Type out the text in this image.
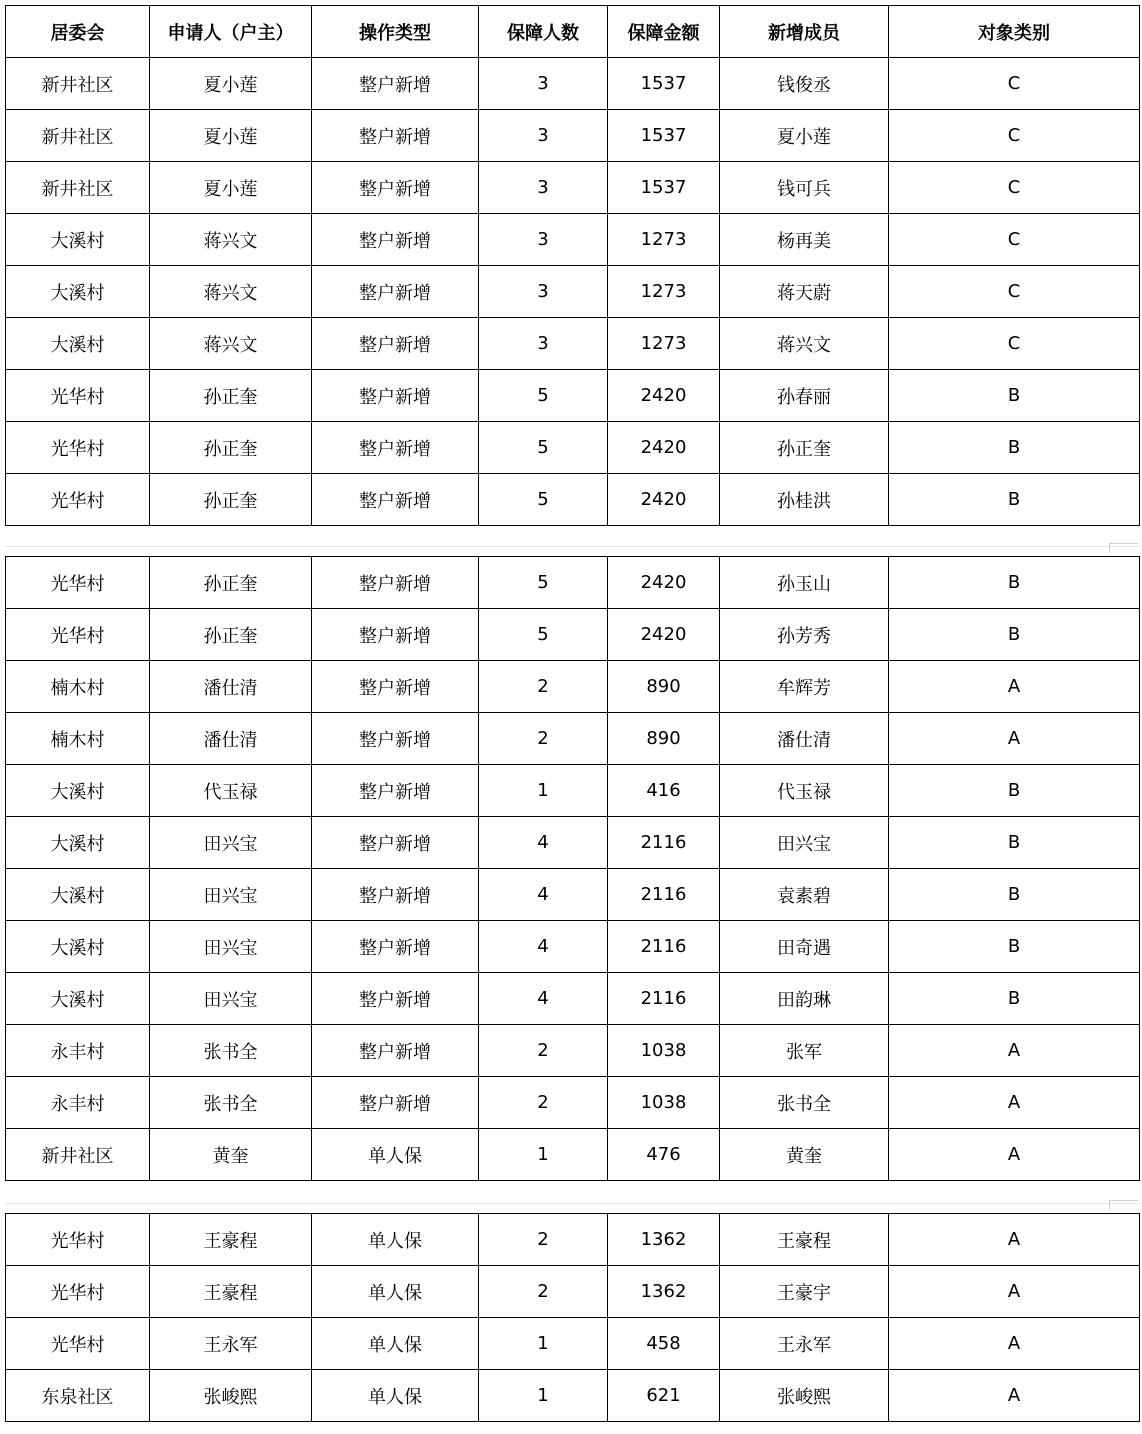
居委会	申请人（户主）	操作类型	保障人数	保障金额	新增成员	对象类别
新井社区	夏小莲	整户新增	3	1537	钱俊丞	C
新井社区	夏小莲	整户新增	3	1537	夏小莲	C
新井社区	夏小莲	整户新增	3	1537	钱可兵	C
大溪村	蒋兴文	整户新增	3	1273	杨再美	C
大溪村	蒋兴文	整户新增	3	1273	蒋天蔚	C
大溪村	蒋兴文	整户新增	3	1273	蒋兴文	C
光华村	孙正奎	整户新增	5	2420	孙春丽	B
光华村	孙正奎	整户新增	5	2420	孙正奎	B
光华村	孙正奎	整户新增	5	2420	孙桂洪	B
光华村	孙正奎	整户新增	5	2420	孙玉山	B
光华村	孙正奎	整户新增	5	2420	孙芳秀	B
楠木村	潘仕清	整户新增	2	890	牟辉芳	A
楠木村	潘仕清	整户新增	2	890	潘仕清	A
大溪村	代玉禄	整户新增	1	416	代玉禄	B
大溪村	田兴宝	整户新增	4	2116	田兴宝	B
大溪村	田兴宝	整户新增	4	2116	袁素碧	B
大溪村	田兴宝	整户新增	4	2116	田奇遇	B
大溪村	田兴宝	整户新增	4	2116	田韵琳	B
永丰村	张书全	整户新增	2	1038	张军	A
永丰村	张书全	整户新增	2	1038	张书全	A
新井社区	黄奎	单人保	1	476	黄奎	A
光华村	王豪程	单人保	2	1362	王豪程	A
光华村	王豪程	单人保	2	1362	王豪宇	A
光华村	王永军	单人保	1	458	王永军	A
东泉社区	张峻熙	单人保	1	621	张峻熙	A
